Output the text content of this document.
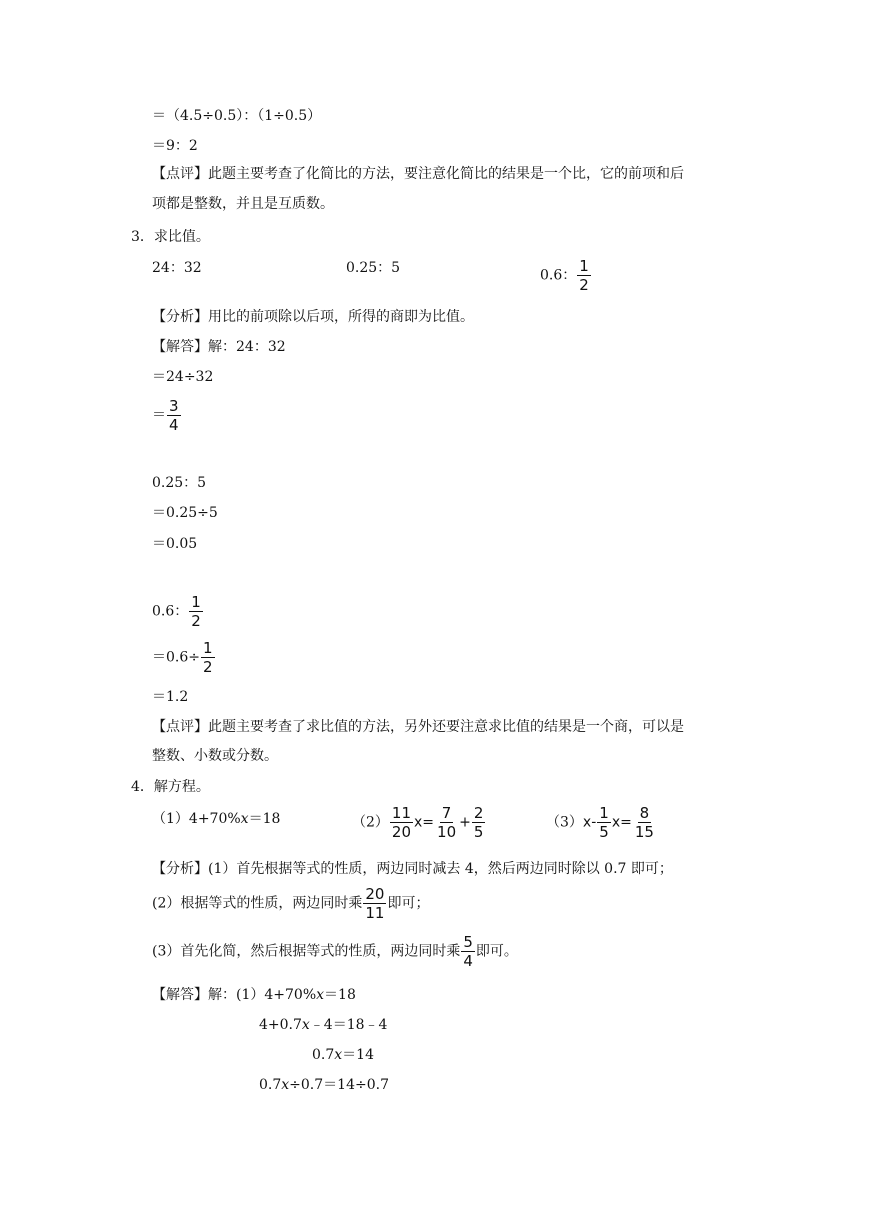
＝（4.5÷0.5）：（1÷0.5）
＝9：2
【点评】此题主要考查了化简比的方法，要注意化简比的结果是一个比，它的前项和后
项都是整数，并且是互质数。
3．求比值。
24：32	0.25：5	0.6： $\frac{1}{2}$
【分析】用比的前项除以后项，所得的商即为比值。
【解答】解：24：32
＝24÷32
＝ $\frac{3}{4}$
0.25：5
＝0.25÷5
＝0.05
0.6： $\frac{1}{2}$
$=0.6\div \frac{1}{2}$
＝1.2
【点评】此题主要考查了求比值的方法，另外还要注意求比值的结果是一个商，可以是
整数、小数或分数。
4．解方程。
（1）4+70%x＝18	$(2) \frac{11}{20} x= \frac{7}{10} + \frac{2}{5}$	$(3)x- \frac{1}{5} x= \frac{8}{15}$
【分析】(1）首先根据等式的性质，两边同时减去 4，然后两边同时除以 0.7 即可；
(2）根据等式的性质，两边同时乘 $\frac{20}{11}$ 即可；
(3）首先化简，然后根据等式的性质，两边同时乘 $\frac{5}{4}$ 即可。
【解答】解：(1）4+70%x＝18
4+0.7x﹣4＝18﹣4
0.7x＝14
0.7x÷0.7＝14÷0.7
